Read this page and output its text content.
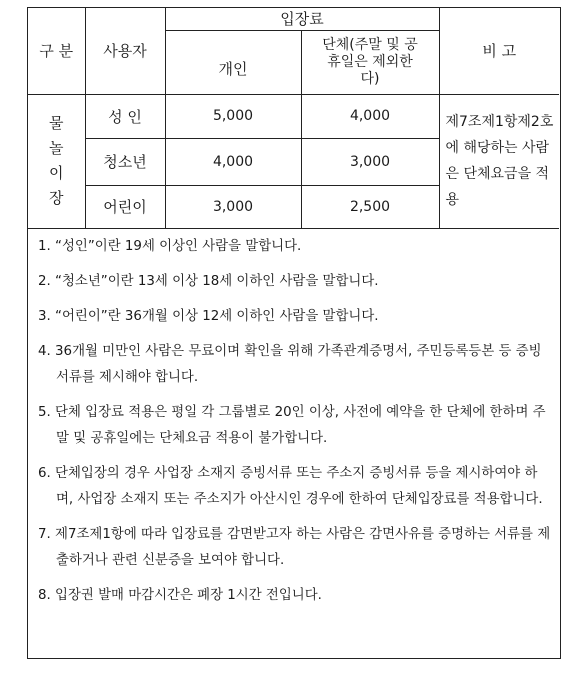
구 분	사용자	입장료		비 고
		개인	단체(주말 및 공휴일은 제외한다)	
물놀이장	성 인	5,000	4,000	제7조제1항제2호에 해당하는 사람은 단체요금을 적용
	청소년	4,000	3,000	
	어린이	3,000	2,500	
1. “성인”이란 19세 이상인 사람을 말합니다.
2. “청소년”이란 13세 이상 18세 이하인 사람을 말합니다.
3. “어린이”란 36개월 이상 12세 이하인 사람을 말합니다.
4. 36개월 미만인 사람은 무료이며 확인을 위해 가족관계증명서, 주민등록등본 등 증빙서류를 제시해야 합니다.
5. 단체 입장료 적용은 평일 각 그룹별로 20인 이상, 사전에 예약을 한 단체에 한하며 주말 및 공휴일에는 단체요금 적용이 불가합니다.
6. 단체입장의 경우 사업장 소재지 증빙서류 또는 주소지 증빙서류 등을 제시하여야 하며, 사업장 소재지 또는 주소지가 아산시인 경우에 한하여 단체입장료를 적용합니다.
7. 제7조제1항에 따라 입장료를 감면받고자 하는 사람은 감면사유를 증명하는 서류를 제출하거나 관련 신분증을 보여야 합니다.
8. 입장권 발매 마감시간은 폐장 1시간 전입니다.
